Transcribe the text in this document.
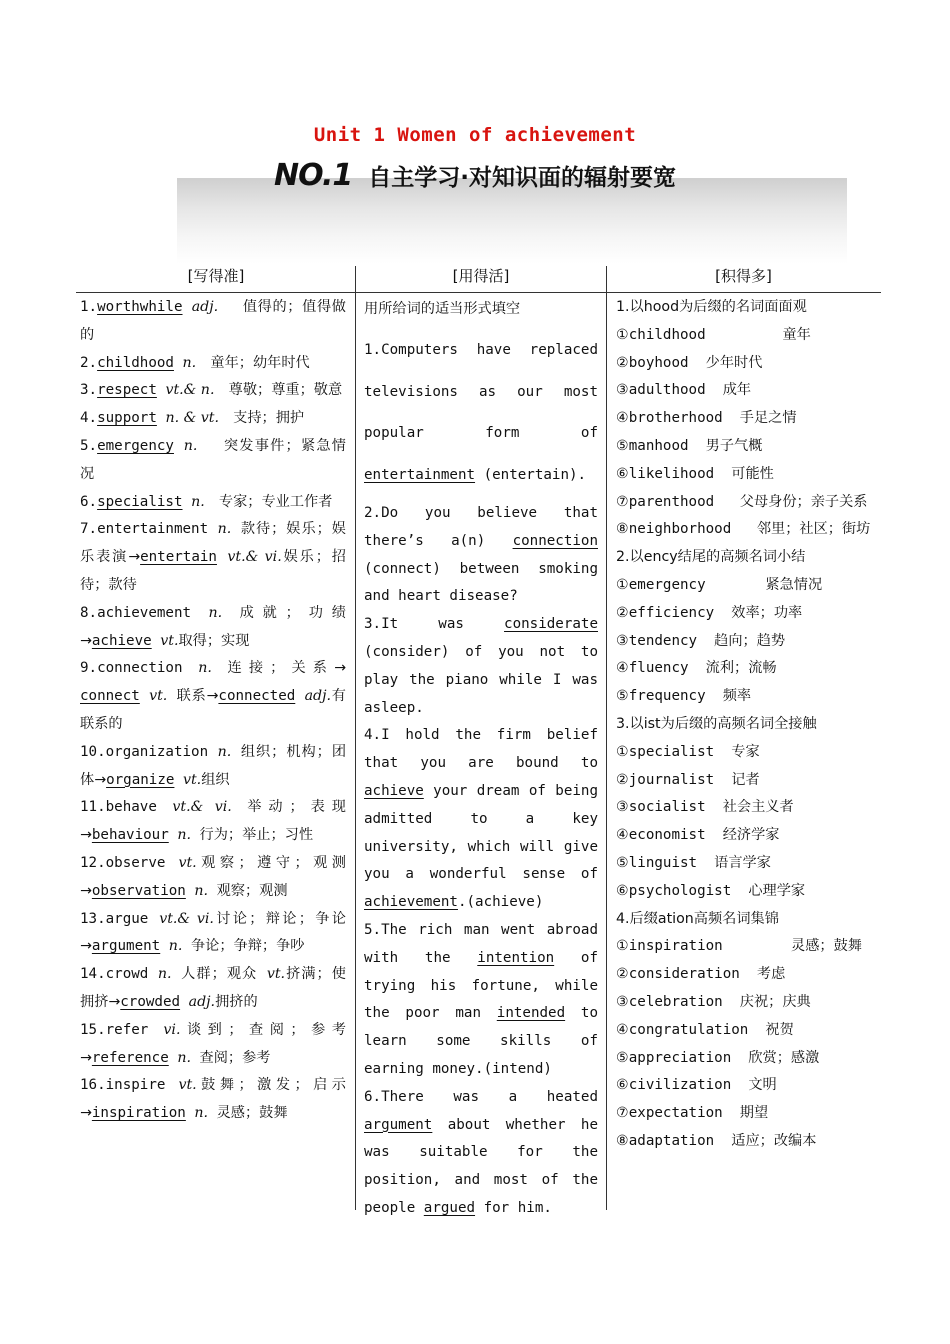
Unit 1 Women of achievement
NO.1 自主学习·对知识面的辐射要宽
[写得准]	[用得活]	[积得多]
1.worthwhile adj.　 值得的；值得做的
2.childhood n.　 童年；幼年时代
3.respect vt.& n.　 尊敬；尊重；敬意
4.support n. & vt.　 支持；拥护
5.emergency n.　 突发事件；紧急情况
6.specialist n.　 专家；专业工作者
7.entertainment n. 款待；娱乐；娱乐表演→entertain vt.& vi.娱乐；招待；款待
8.achievement n. 成就；功绩→achieve vt.取得；实现
9.connection n. 连接；关系→ connect vt. 联系→connected adj.有联系的
10.organization n. 组织；机构；团体→organize vt.组织
11.behave vt.& vi. 举动；表现→behaviour n. 行为；举止；习性
12.observe vt.观察；遵守；观测→observation n. 观察；观测
13.argue vt.& vi.讨论；辩论；争论→argument n. 争论；争辩；争吵
14.crowd n. 人群；观众 vt.挤满；使拥挤→crowded adj.拥挤的
15.refer vi.谈到；查阅；参考→reference n. 查阅；参考
16.inspire vt.鼓舞；激发；启示→inspiration n. 灵感；鼓舞
用所给词的适当形式填空
1.Computers have replaced televisions as our most popular form of entertainment (entertain).
2.Do you believe that there’s a(n) connection (connect) between smoking and heart disease?
3.It was considerate (consider) of you not to play the piano while I was asleep.
4.I hold the firm belief that you are bound to achieve your dream of being admitted to a key university, which will give you a wonderful sense of achievement.(achieve)
5.The rich man went abroad with the intention of trying his fortune, while the poor man intended to learn some skills of earning money.(intend)
6.There was a heated argument about whether he was suitable for the position, and most of the people argued for him.
1.以hood为后缀的名词面面观
①childhood	童年
②boyhood 少年时代
③adulthood 成年
④brotherhood 手足之情
⑤manhood 男子气概
⑥likelihood 可能性
⑦parenthood 父母身份；亲子关系
⑧neighborhood 邻里；社区；街坊
2.以ency结尾的高频名词小结
①emergency	紧急情况
②efficiency 效率；功率
③tendency 趋向；趋势
④fluency 流利；流畅
⑤frequency 频率
3.以ist为后缀的高频名词全接触
①specialist 专家
②journalist 记者
③socialist 社会主义者
④economist 经济学家
⑤linguist 语言学家
⑥psychologist 心理学家
4.后缀ation高频名词集锦
①inspiration	灵感；鼓舞
②consideration 考虑
③celebration 庆祝；庆典
④congratulation 祝贺
⑤appreciation 欣赏；感激
⑥civilization 文明
⑦expectation 期望
⑧adaptation 适应；改编本
